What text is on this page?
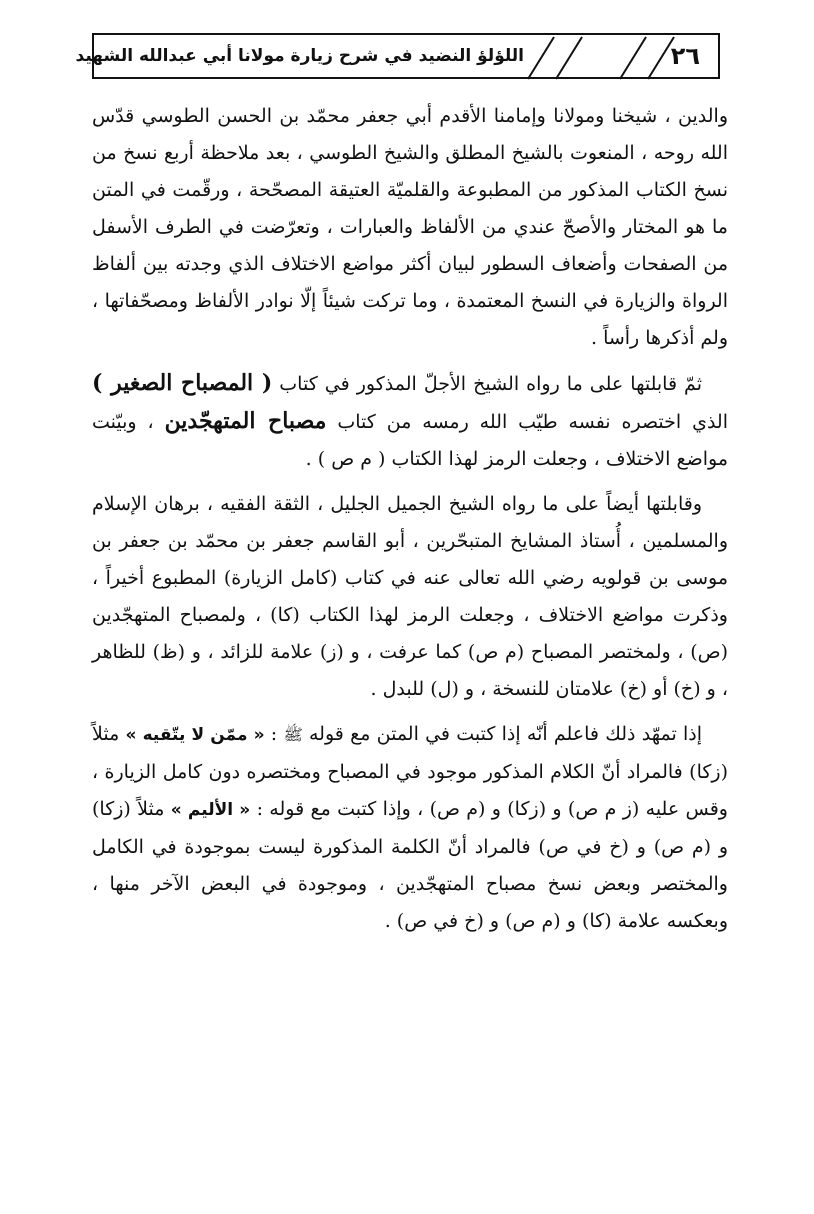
٢٦
اللؤلؤ النضيد في شرح زيارة مولانا أبي عبدالله الشهيد

والدين ، شيخنا ومولانا وإمامنا الأقدم أبي جعفر محمّد بن الحسن الطوسي قدّس الله روحه ، المنعوت بالشيخ المطلق والشيخ الطوسي ، بعد ملاحظة أربع نسخ من نسخ الكتاب المذكور من المطبوعة والقلميّة العتيقة المصحّحة ، ورقّمت في المتن ما هو المختار والأصحّ عندي من الألفاظ والعبارات ، وتعرّضت في الطرف الأسفل من الصفحات وأضعاف السطور لبيان أكثر مواضع الاختلاف الذي وجدته بين ألفاظ الرواة والزيارة في النسخ المعتمدة ، وما تركت شيئاً إلّا نوادر الألفاظ ومصحّفاتها ، ولم أذكرها رأساً .

ثمّ قابلتها على ما رواه الشيخ الأجلّ المذكور في كتاب ( المصباح الصغير ) الذي اختصره نفسه طيّب الله رمسه من كتاب مصباح المتهجّدين ، وبيّنت مواضع الاختلاف ، وجعلت الرمز لهذا الكتاب ( م ص ) .

وقابلتها أيضاً على ما رواه الشيخ الجميل الجليل ، الثقة الفقيه ، برهان الإسلام والمسلمين ، أُستاذ المشايخ المتبحّرين ، أبو القاسم جعفر بن محمّد بن جعفر بن موسى بن قولويه رضي الله تعالى عنه في كتاب (كامل الزيارة) المطبوع أخيراً ، وذكرت مواضع الاختلاف ، وجعلت الرمز لهذا الكتاب (كا) ، ولمصباح المتهجّدين (ص) ، ولمختصر المصباح (م ص) كما عرفت ، و (ز) علامة للزائد ، و (ظ) للظاهر ، و (خ) أو (خ) علامتان للنسخة ، و (ل) للبدل .

إذا تمهّد ذلك فاعلم أنّه إذا كتبت في المتن مع قوله ﷺ : « ممّن لا يتّقيه » مثلاً (زكا) فالمراد أنّ الكلام المذكور موجود في المصباح ومختصره دون كامل الزيارة ، وقس عليه (ز م ص) و (زكا) و (م ص) ، وإذا كتبت مع قوله : « الأليم » مثلاً (زكا) و (م ص) و (خ في ص) فالمراد أنّ الكلمة المذكورة ليست بموجودة في الكامل والمختصر وبعض نسخ مصباح المتهجّدين ، وموجودة في البعض الآخر منها ، وبعكسه علامة (كا) و (م ص) و (خ في ص) .
